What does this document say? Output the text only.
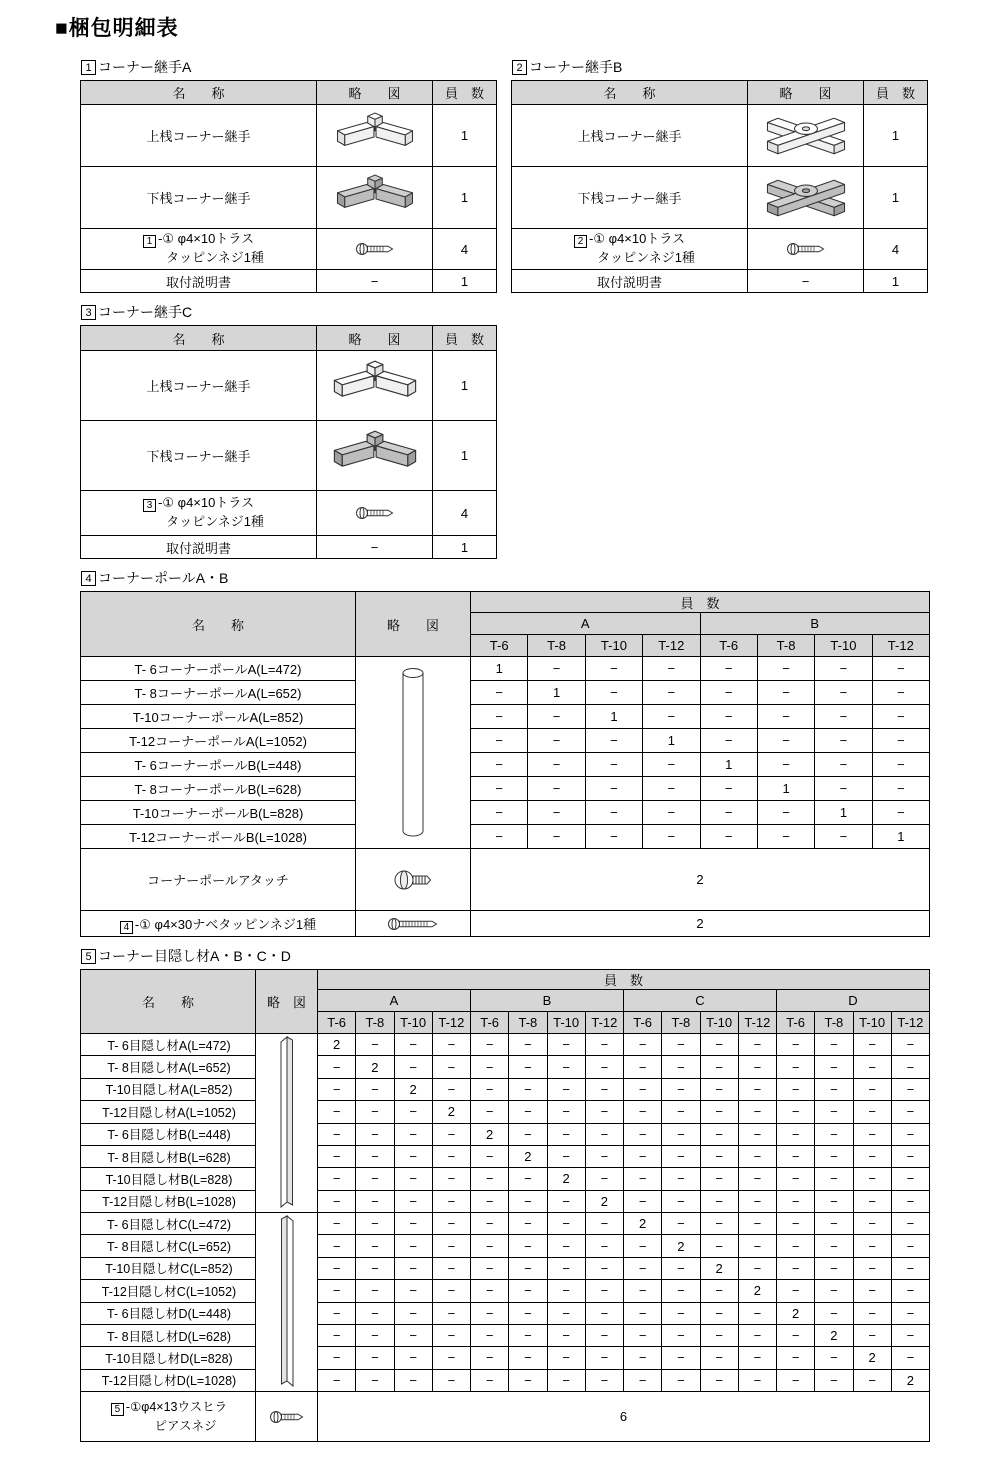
■梱包明細表
1 コーナー継手A
名　　称	略　　図	員　数
上桟コーナー継手		1
下桟コーナー継手		1

1 -① φ4×10トラス
タッピンネジ1種		4
取付説明書	−	1
2 コーナー継手B
名　　称	略　　図	員　数
上桟コーナー継手		1
下桟コーナー継手		1

2 -① φ4×10トラス
タッピンネジ1種		4
取付説明書	−	1
3 コーナー継手C
名　　称	略　　図	員　数
上桟コーナー継手		1
下桟コーナー継手		1

3 -① φ4×10トラス
タッピンネジ1種		4
取付説明書	−	1
4 コーナーポールA・B
名　　称	略　　図	員　数							
		A				B			
		T-6	T-8	T-10	T-12	T-6	T-8	T-10	T-12
T- 6コーナーポールA(L=472)		1	−	−	−	−	−	−	−
T- 8コーナーポールA(L=652)		−	1	−	−	−	−	−	−
T-10コーナーポールA(L=852)		−	−	1	−	−	−	−	−
T-12コーナーポールA(L=1052)		−	−	−	1	−	−	−	−
T- 6コーナーポールB(L=448)		−	−	−	−	1	−	−	−
T- 8コーナーポールB(L=628)		−	−	−	−	−	1	−	−
T-10コーナーポールB(L=828)		−	−	−	−	−	−	1	−
T-12コーナーポールB(L=1028)		−	−	−	−	−	−	−	1
コーナーポールアタッチ		2							
4 -① φ4×30ナベタッピンネジ1種		2							
5 コーナー目隠し材A・B・C・D
名　　称	略　図	員　数															
		A				B				C				D			
		T-6	T-8	T-10	T-12	T-6	T-8	T-10	T-12	T-6	T-8	T-10	T-12	T-6	T-8	T-10	T-12
T- 6目隠し材A(L=472)		2	−	−	−	−	−	−	−	−	−	−	−	−	−	−	−
T- 8目隠し材A(L=652)		−	2	−	−	−	−	−	−	−	−	−	−	−	−	−	−
T-10目隠し材A(L=852)		−	−	2	−	−	−	−	−	−	−	−	−	−	−	−	−
T-12目隠し材A(L=1052)		−	−	−	2	−	−	−	−	−	−	−	−	−	−	−	−
T- 6目隠し材B(L=448)		−	−	−	−	2	−	−	−	−	−	−	−	−	−	−	−
T- 8目隠し材B(L=628)		−	−	−	−	−	2	−	−	−	−	−	−	−	−	−	−
T-10目隠し材B(L=828)		−	−	−	−	−	−	2	−	−	−	−	−	−	−	−	−
T-12目隠し材B(L=1028)		−	−	−	−	−	−	−	2	−	−	−	−	−	−	−	−
T- 6目隠し材C(L=472)		−	−	−	−	−	−	−	−	2	−	−	−	−	−	−	−
T- 8目隠し材C(L=652)		−	−	−	−	−	−	−	−	−	2	−	−	−	−	−	−
T-10目隠し材C(L=852)		−	−	−	−	−	−	−	−	−	−	2	−	−	−	−	−
T-12目隠し材C(L=1052)		−	−	−	−	−	−	−	−	−	−	−	2	−	−	−	−
T- 6目隠し材D(L=448)		−	−	−	−	−	−	−	−	−	−	−	−	2	−	−	−
T- 8目隠し材D(L=628)		−	−	−	−	−	−	−	−	−	−	−	−	−	2	−	−
T-10目隠し材D(L=828)		−	−	−	−	−	−	−	−	−	−	−	−	−	−	2	−
T-12目隠し材D(L=1028)		−	−	−	−	−	−	−	−	−	−	−	−	−	−	−	2

5 -①φ4×13ウスヒラ
ピアスネジ		6															
